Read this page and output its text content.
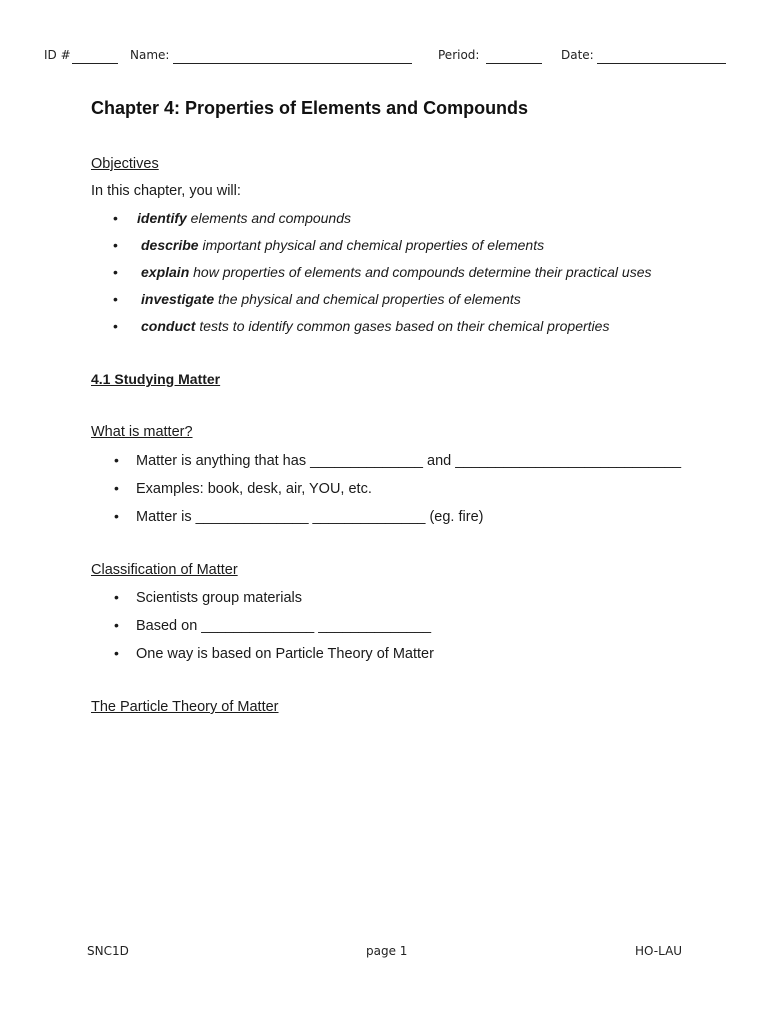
ID #	Name:	Period:	Date:
Chapter 4: Properties of Elements and Compounds
Objectives
In this chapter, you will:
• identify elements and compounds
• describe important physical and chemical properties of elements
• explain how properties of elements and compounds determine their practical uses
• investigate the physical and chemical properties of elements
• conduct tests to identify common gases based on their chemical properties
4.1 Studying Matter
What is matter?
• Matter is anything that has ______________ and ____________________________
• Examples: book, desk, air, YOU, etc.
• Matter is ______________ ______________ (eg. fire)
Classification of Matter
• Scientists group materials
• Based on ______________ ______________
• One way is based on Particle Theory of Matter
The Particle Theory of Matter
SNC1D	page 1	HO-LAU
